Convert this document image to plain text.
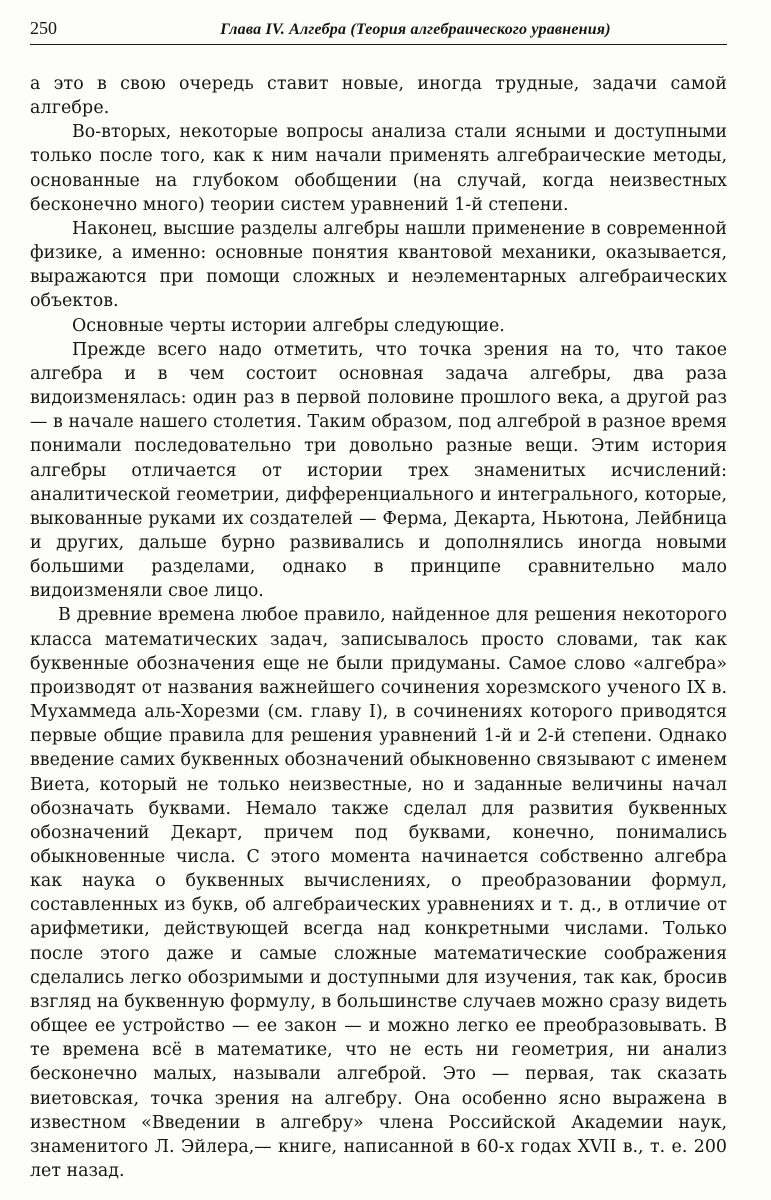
250	Глава IV. Алгебра (Теория алгебраического уравнения)

а это в свою очередь ставит новые, иногда трудные, задачи самой алгебре.

Во-вторых, некоторые вопросы анализа стали ясными и доступными только после того, как к ним начали применять алгебраические методы, основанные на глубоком обобщении (на случай, когда неизвестных бесконечно много) теории систем уравнений 1-й степени.

Наконец, высшие разделы алгебры нашли применение в современной физике, а именно: основные понятия квантовой механики, оказывается, выражаются при помощи сложных и неэлементарных алгебраических объектов.

Основные черты истории алгебры следующие.

Прежде всего надо отметить, что точка зрения на то, что такое алгебра и в чем состоит основная задача алгебры, два раза видоизменялась: один раз в первой половине прошлого века, а другой раз — в начале нашего столетия. Таким образом, под алгеброй в разное время понимали последовательно три довольно разные вещи. Этим история алгебры отличается от истории трех знаменитых исчислений: аналитической геометрии, дифференциального и интегрального, которые, выкованные руками их создателей — Ферма, Декарта, Ньютона, Лейбница и других, дальше бурно развивались и дополнялись иногда новыми большими разделами, однако в принципе сравнительно мало видоизменяли свое лицо.

В древние времена любое правило, найденное для решения некоторого класса математических задач, записывалось просто словами, так как буквенные обозначения еще не были придуманы. Самое слово «алгебра» производят от названия важнейшего сочинения хорезмского ученого IX в. Мухаммеда аль-Хорезми (см. главу I), в сочинениях которого приводятся первые общие правила для решения уравнений 1-й и 2-й степени. Однако введение самих буквенных обозначений обыкновенно связывают с именем Виета, который не только неизвестные, но и заданные величины начал обозначать буквами. Немало также сделал для развития буквенных обозначений Декарт, причем под буквами, конечно, понимались обыкновенные числа. С этого момента начинается собственно алгебра как наука о буквенных вычислениях, о преобразовании формул, составленных из букв, об алгебраических уравнениях и т. д., в отличие от арифметики, действующей всегда над конкретными числами. Только после этого даже и самые сложные математические соображения сделались легко обозримыми и доступными для изучения, так как, бросив взгляд на буквенную формулу, в большинстве случаев можно сразу видеть общее ее устройство — ее закон — и можно легко ее преобразовывать. В те времена всё в математике, что не есть ни геометрия, ни анализ бесконечно малых, называли алгеброй. Это — первая, так сказать виетовская, точка зрения на алгебру. Она особенно ясно выражена в известном «Введении в алгебру» члена Российской Академии наук, знаменитого Л. Эйлера,— книге, написанной в 60-х годах XVII в., т. е. 200 лет назад.
